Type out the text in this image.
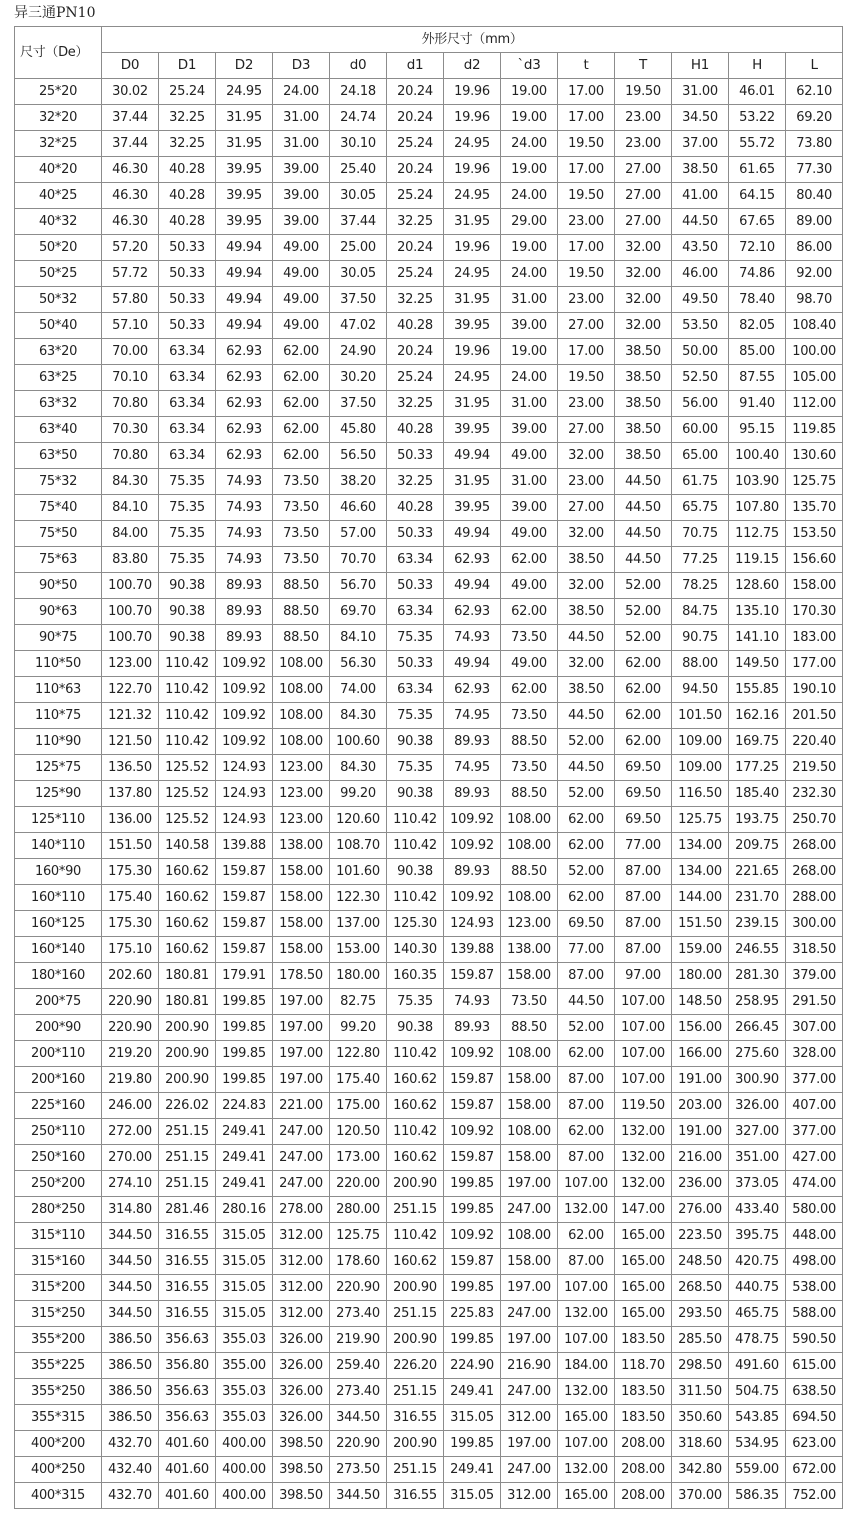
异三通PN10
尺寸（De）	外形尺寸（mm）												
	D0	D1	D2	D3	d0	d1	d2	`d3	t	T	H1	H	L
25*20	30.02	25.24	24.95	24.00	24.18	20.24	19.96	19.00	17.00	19.50	31.00	46.01	62.10
32*20	37.44	32.25	31.95	31.00	24.74	20.24	19.96	19.00	17.00	23.00	34.50	53.22	69.20
32*25	37.44	32.25	31.95	31.00	30.10	25.24	24.95	24.00	19.50	23.00	37.00	55.72	73.80
40*20	46.30	40.28	39.95	39.00	25.40	20.24	19.96	19.00	17.00	27.00	38.50	61.65	77.30
40*25	46.30	40.28	39.95	39.00	30.05	25.24	24.95	24.00	19.50	27.00	41.00	64.15	80.40
40*32	46.30	40.28	39.95	39.00	37.44	32.25	31.95	29.00	23.00	27.00	44.50	67.65	89.00
50*20	57.20	50.33	49.94	49.00	25.00	20.24	19.96	19.00	17.00	32.00	43.50	72.10	86.00
50*25	57.72	50.33	49.94	49.00	30.05	25.24	24.95	24.00	19.50	32.00	46.00	74.86	92.00
50*32	57.80	50.33	49.94	49.00	37.50	32.25	31.95	31.00	23.00	32.00	49.50	78.40	98.70
50*40	57.10	50.33	49.94	49.00	47.02	40.28	39.95	39.00	27.00	32.00	53.50	82.05	108.40
63*20	70.00	63.34	62.93	62.00	24.90	20.24	19.96	19.00	17.00	38.50	50.00	85.00	100.00
63*25	70.10	63.34	62.93	62.00	30.20	25.24	24.95	24.00	19.50	38.50	52.50	87.55	105.00
63*32	70.80	63.34	62.93	62.00	37.50	32.25	31.95	31.00	23.00	38.50	56.00	91.40	112.00
63*40	70.30	63.34	62.93	62.00	45.80	40.28	39.95	39.00	27.00	38.50	60.00	95.15	119.85
63*50	70.80	63.34	62.93	62.00	56.50	50.33	49.94	49.00	32.00	38.50	65.00	100.40	130.60
75*32	84.30	75.35	74.93	73.50	38.20	32.25	31.95	31.00	23.00	44.50	61.75	103.90	125.75
75*40	84.10	75.35	74.93	73.50	46.60	40.28	39.95	39.00	27.00	44.50	65.75	107.80	135.70
75*50	84.00	75.35	74.93	73.50	57.00	50.33	49.94	49.00	32.00	44.50	70.75	112.75	153.50
75*63	83.80	75.35	74.93	73.50	70.70	63.34	62.93	62.00	38.50	44.50	77.25	119.15	156.60
90*50	100.70	90.38	89.93	88.50	56.70	50.33	49.94	49.00	32.00	52.00	78.25	128.60	158.00
90*63	100.70	90.38	89.93	88.50	69.70	63.34	62.93	62.00	38.50	52.00	84.75	135.10	170.30
90*75	100.70	90.38	89.93	88.50	84.10	75.35	74.93	73.50	44.50	52.00	90.75	141.10	183.00
110*50	123.00	110.42	109.92	108.00	56.30	50.33	49.94	49.00	32.00	62.00	88.00	149.50	177.00
110*63	122.70	110.42	109.92	108.00	74.00	63.34	62.93	62.00	38.50	62.00	94.50	155.85	190.10
110*75	121.32	110.42	109.92	108.00	84.30	75.35	74.95	73.50	44.50	62.00	101.50	162.16	201.50
110*90	121.50	110.42	109.92	108.00	100.60	90.38	89.93	88.50	52.00	62.00	109.00	169.75	220.40
125*75	136.50	125.52	124.93	123.00	84.30	75.35	74.95	73.50	44.50	69.50	109.00	177.25	219.50
125*90	137.80	125.52	124.93	123.00	99.20	90.38	89.93	88.50	52.00	69.50	116.50	185.40	232.30
125*110	136.00	125.52	124.93	123.00	120.60	110.42	109.92	108.00	62.00	69.50	125.75	193.75	250.70
140*110	151.50	140.58	139.88	138.00	108.70	110.42	109.92	108.00	62.00	77.00	134.00	209.75	268.00
160*90	175.30	160.62	159.87	158.00	101.60	90.38	89.93	88.50	52.00	87.00	134.00	221.65	268.00
160*110	175.40	160.62	159.87	158.00	122.30	110.42	109.92	108.00	62.00	87.00	144.00	231.70	288.00
160*125	175.30	160.62	159.87	158.00	137.00	125.30	124.93	123.00	69.50	87.00	151.50	239.15	300.00
160*140	175.10	160.62	159.87	158.00	153.00	140.30	139.88	138.00	77.00	87.00	159.00	246.55	318.50
180*160	202.60	180.81	179.91	178.50	180.00	160.35	159.87	158.00	87.00	97.00	180.00	281.30	379.00
200*75	220.90	180.81	199.85	197.00	82.75	75.35	74.93	73.50	44.50	107.00	148.50	258.95	291.50
200*90	220.90	200.90	199.85	197.00	99.20	90.38	89.93	88.50	52.00	107.00	156.00	266.45	307.00
200*110	219.20	200.90	199.85	197.00	122.80	110.42	109.92	108.00	62.00	107.00	166.00	275.60	328.00
200*160	219.80	200.90	199.85	197.00	175.40	160.62	159.87	158.00	87.00	107.00	191.00	300.90	377.00
225*160	246.00	226.02	224.83	221.00	175.00	160.62	159.87	158.00	87.00	119.50	203.00	326.00	407.00
250*110	272.00	251.15	249.41	247.00	120.50	110.42	109.92	108.00	62.00	132.00	191.00	327.00	377.00
250*160	270.00	251.15	249.41	247.00	173.00	160.62	159.87	158.00	87.00	132.00	216.00	351.00	427.00
250*200	274.10	251.15	249.41	247.00	220.00	200.90	199.85	197.00	107.00	132.00	236.00	373.05	474.00
280*250	314.80	281.46	280.16	278.00	280.00	251.15	199.85	247.00	132.00	147.00	276.00	433.40	580.00
315*110	344.50	316.55	315.05	312.00	125.75	110.42	109.92	108.00	62.00	165.00	223.50	395.75	448.00
315*160	344.50	316.55	315.05	312.00	178.60	160.62	159.87	158.00	87.00	165.00	248.50	420.75	498.00
315*200	344.50	316.55	315.05	312.00	220.90	200.90	199.85	197.00	107.00	165.00	268.50	440.75	538.00
315*250	344.50	316.55	315.05	312.00	273.40	251.15	225.83	247.00	132.00	165.00	293.50	465.75	588.00
355*200	386.50	356.63	355.03	326.00	219.90	200.90	199.85	197.00	107.00	183.50	285.50	478.75	590.50
355*225	386.50	356.80	355.00	326.00	259.40	226.20	224.90	216.90	184.00	118.70	298.50	491.60	615.00
355*250	386.50	356.63	355.03	326.00	273.40	251.15	249.41	247.00	132.00	183.50	311.50	504.75	638.50
355*315	386.50	356.63	355.03	326.00	344.50	316.55	315.05	312.00	165.00	183.50	350.60	543.85	694.50
400*200	432.70	401.60	400.00	398.50	220.90	200.90	199.85	197.00	107.00	208.00	318.60	534.95	623.00
400*250	432.40	401.60	400.00	398.50	273.50	251.15	249.41	247.00	132.00	208.00	342.80	559.00	672.00
400*315	432.70	401.60	400.00	398.50	344.50	316.55	315.05	312.00	165.00	208.00	370.00	586.35	752.00
